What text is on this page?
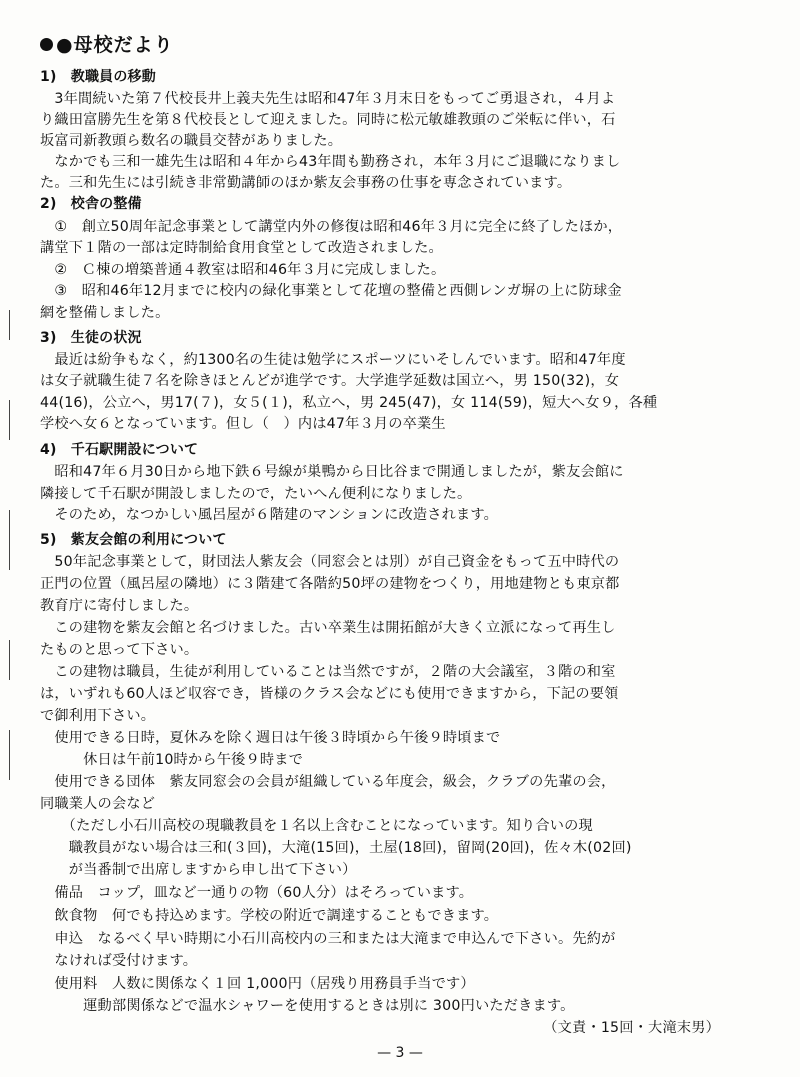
●母校だより
1)　教職員の移動
　3年間続いた第７代校長井上義夫先生は昭和47年３月末日をもってご勇退され，４月よ
り織田富勝先生を第８代校長として迎えました。同時に松元敏雄教頭のご栄転に伴い，石
坂富司新教頭ら数名の職員交替がありました。
　なかでも三和一雄先生は昭和４年から43年間も勤務され，本年３月にご退職になりまし
た。三和先生には引続き非常勤講師のほか紫友会事務の仕事を専念されています。
2)　校舎の整備
　①　創立50周年記念事業として講堂内外の修復は昭和46年３月に完全に終了したほか，
講堂下１階の一部は定時制給食用食堂として改造されました。
　②　Ｃ棟の増築普通４教室は昭和46年３月に完成しました。
　③　昭和46年12月までに校内の緑化事業として花壇の整備と西側レンガ塀の上に防球金
網を整備しました。
3)　生徒の状況
　最近は紛争もなく，約1300名の生徒は勉学にスポーツにいそしんでいます。昭和47年度
は女子就職生徒７名を除きほとんどが進学です。大学進学延数は国立へ，男 150(32)，女
44(16)，公立へ，男17(７)，女５(１)，私立へ，男 245(47)，女 114(59)，短大へ女９，各種
学校へ女６となっています。但し（　）内は47年３月の卒業生
4)　千石駅開設について
　昭和47年６月30日から地下鉄６号線が巣鴨から日比谷まで開通しましたが，紫友会館に
隣接して千石駅が開設しましたので，たいへん便利になりました。
　そのため，なつかしい風呂屋が６階建のマンションに改造されます。
5)　紫友会館の利用について
　50年記念事業として，財団法人紫友会（同窓会とは別）が自己資金をもって五中時代の
正門の位置（風呂屋の隣地）に３階建て各階約50坪の建物をつくり，用地建物とも東京都
教育庁に寄付しました。
　この建物を紫友会館と名づけました。古い卒業生は開拓館が大きく立派になって再生し
たものと思って下さい。
　この建物は職員，生徒が利用していることは当然ですが，２階の大会議室，３階の和室
は，いずれも60人ほど収容でき，皆様のクラス会などにも使用できますから，下記の要領
で御利用下さい。
　使用できる日時，夏休みを除く週日は午後３時頃から午後９時頃まで
　　　休日は午前10時から午後９時まで
　使用できる団体　紫友同窓会の会員が組織している年度会，級会，クラブの先輩の会，
同職業人の会など
　　（ただし小石川高校の現職教員を１名以上含むことになっています。知り合いの現
　　職教員がない場合は三和(３回)，大滝(15回)，土屋(18回)，留岡(20回)，佐々木(02回)
　　が当番制で出席しますから申し出て下さい）
　備品　コップ，皿など一通りの物（60人分）はそろっています。
　飲食物　何でも持込めます。学校の附近で調達することもできます。
　申込　なるべく早い時期に小石川高校内の三和または大滝まで申込んで下さい。先約が
　なければ受付けます。
　使用料　人数に関係なく１回 1,000円（居残り用務員手当です）
　　　運動部関係などで温水シャワーを使用するときは別に 300円いただきます。
（文責・15回・大滝末男）
— 3 —
